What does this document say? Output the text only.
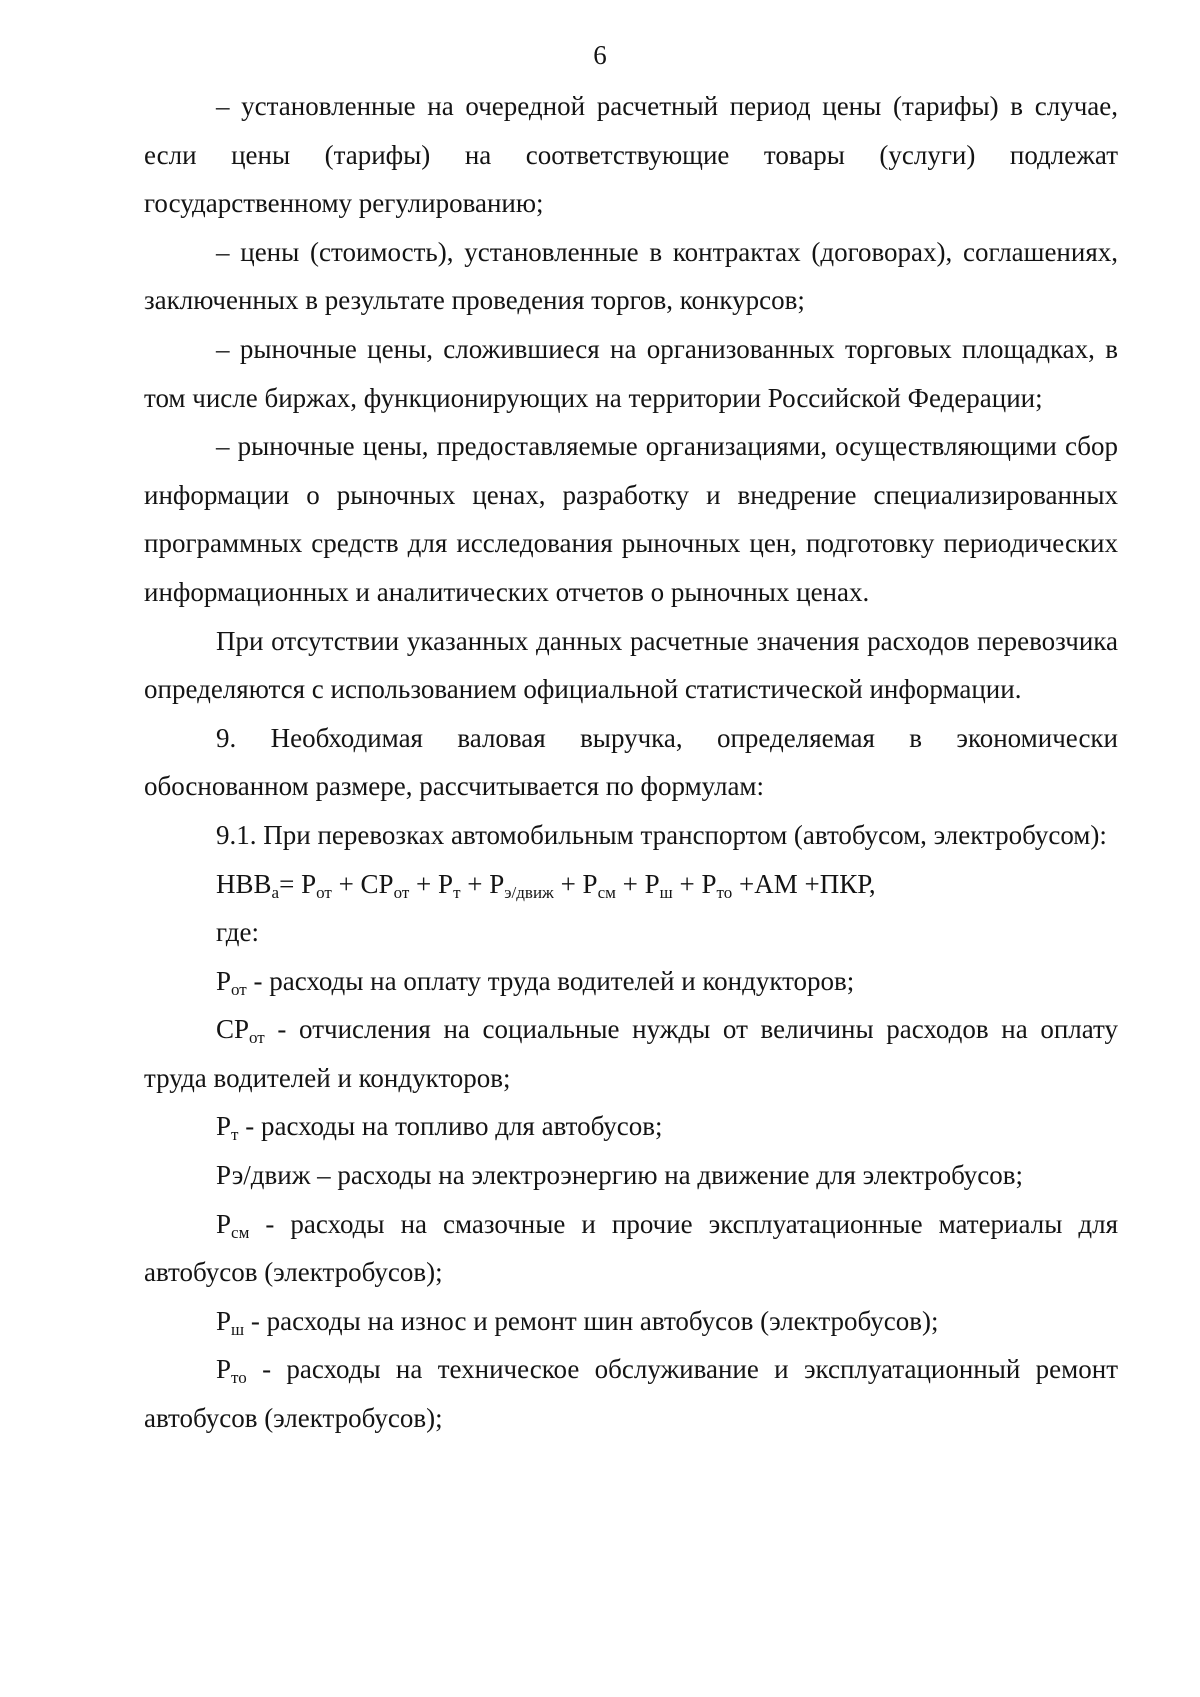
6

– установленные на очередной расчетный период цены (тарифы) в случае, если цены (тарифы) на соответствующие товары (услуги) подлежат государственному регулированию;

– цены (стоимость), установленные в контрактах (договорах), соглашениях, заключенных в результате проведения торгов, конкурсов;

– рыночные цены, сложившиеся на организованных торговых площадках, в том числе биржах, функционирующих на территории Российской Федерации;

– рыночные цены, предоставляемые организациями, осуществляющими сбор информации о рыночных ценах, разработку и внедрение специализированных программных средств для исследования рыночных цен, подготовку периодических информационных и аналитических отчетов о рыночных ценах.

При отсутствии указанных данных расчетные значения расходов перевозчика определяются с использованием официальной статистической информации.

9. Необходимая валовая выручка, определяемая в экономически обоснованном размере, рассчитывается по формулам:

9.1. При перевозках автомобильным транспортом (автобусом, электробусом):

$НВВ_а= Р_{от} + СР_{от} + Р_т + Р_{э/движ} + Р_{см} + Р_ш + Р_{то} +АМ +ПКР$,

где:

$Р_{от}$ - расходы на оплату труда водителей и кондукторов;

$СР_{от}$ - отчисления на социальные нужды от величины расходов на оплату труда водителей и кондукторов;

$Р_т$ - расходы на топливо для автобусов;

Рэ/движ – расходы на электроэнергию на движение для электробусов;

$Р_{см}$ - расходы на смазочные и прочие эксплуатационные материалы для автобусов (электробусов);

$Р_ш$ - расходы на износ и ремонт шин автобусов (электробусов);

$Р_{то}$ - расходы на техническое обслуживание и эксплуатационный ремонт автобусов (электробусов);
